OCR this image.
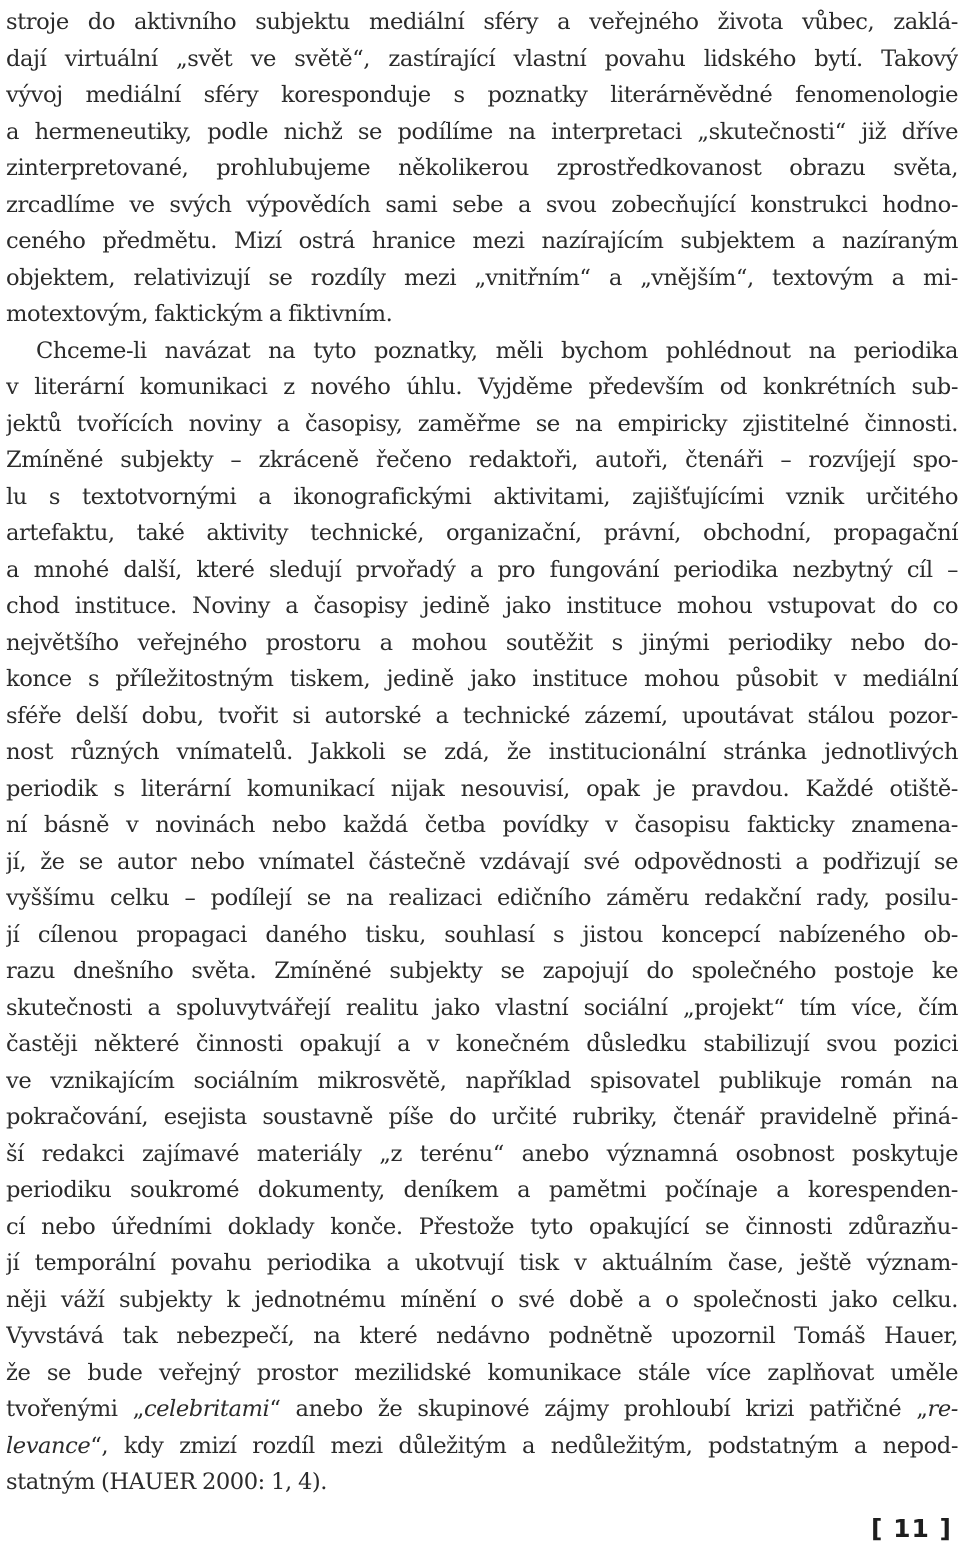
stroje do aktivního subjektu mediální sféry a veřejného života vůbec, zaklá-
dají virtuální „svět ve světě“, zastírající vlastní povahu lidského bytí. Takový
vývoj mediální sféry koresponduje s poznatky literárněvědné fenomenologie
a hermeneutiky, podle nichž se podílíme na interpretaci „skutečnosti“ již dříve
zinterpretované, prohlubujeme několikerou zprostředkovanost obrazu světa,
zrcadlíme ve svých výpovědích sami sebe a svou zobecňující konstrukci hodno-
ceného předmětu. Mizí ostrá hranice mezi nazírajícím subjektem a nazíraným
objektem, relativizují se rozdíly mezi „vnitřním“ a „vnějším“, textovým a mi-
motextovým, faktickým a fiktivním.
Chceme-li navázat na tyto poznatky, měli bychom pohlédnout na periodika
v literární komunikaci z nového úhlu. Vyjděme především od konkrétních sub-
jektů tvořících noviny a časopisy, zaměřme se na empiricky zjistitelné činnosti.
Zmíněné subjekty – zkráceně řečeno redaktoři, autoři, čtenáři – rozvíjejí spo-
lu s textotvornými a ikonografickými aktivitami, zajišťujícími vznik určitého
artefaktu, také aktivity technické, organizační, právní, obchodní, propagační
a mnohé další, které sledují prvořadý a pro fungování periodika nezbytný cíl –
chod instituce. Noviny a časopisy jedině jako instituce mohou vstupovat do co
největšího veřejného prostoru a mohou soutěžit s jinými periodiky nebo do-
konce s příležitostným tiskem, jedině jako instituce mohou působit v mediální
sféře delší dobu, tvořit si autorské a technické zázemí, upoutávat stálou pozor-
nost různých vnímatelů. Jakkoli se zdá, že institucionální stránka jednotlivých
periodik s literární komunikací nijak nesouvisí, opak je pravdou. Každé otiště-
ní básně v novinách nebo každá četba povídky v časopisu fakticky znamena-
jí, že se autor nebo vnímatel částečně vzdávají své odpovědnosti a podřizují se
vyššímu celku – podílejí se na realizaci edičního záměru redakční rady, posilu-
jí cílenou propagaci daného tisku, souhlasí s jistou koncepcí nabízeného ob-
razu dnešního světa. Zmíněné subjekty se zapojují do společného postoje ke
skutečnosti a spoluvytvářejí realitu jako vlastní sociální „projekt“ tím více, čím
častěji některé činnosti opakují a v konečném důsledku stabilizují svou pozici
ve vznikajícím sociálním mikrosvětě, například spisovatel publikuje román na
pokračování, esejista soustavně píše do určité rubriky, čtenář pravidelně přiná-
ší redakci zajímavé materiály „z terénu“ anebo významná osobnost poskytuje
periodiku soukromé dokumenty, deníkem a pamětmi počínaje a korespenden-
cí nebo úředními doklady konče. Přestože tyto opakující se činnosti zdůrazňu-
jí temporální povahu periodika a ukotvují tisk v aktuálním čase, ještě význam-
něji váží subjekty k jednotnému mínění o své době a o společnosti jako celku.
Vyvstává tak nebezpečí, na které nedávno podnětně upozornil Tomáš Hauer,
že se bude veřejný prostor mezilidské komunikace stále více zaplňovat uměle
tvořenými „celebritami“ anebo že skupinové zájmy prohloubí krizi patřičné „re-
levance“, kdy zmizí rozdíl mezi důležitým a nedůležitým, podstatným a nepod-
statným (HAUER 2000: 1, 4).
[ 11 ]
